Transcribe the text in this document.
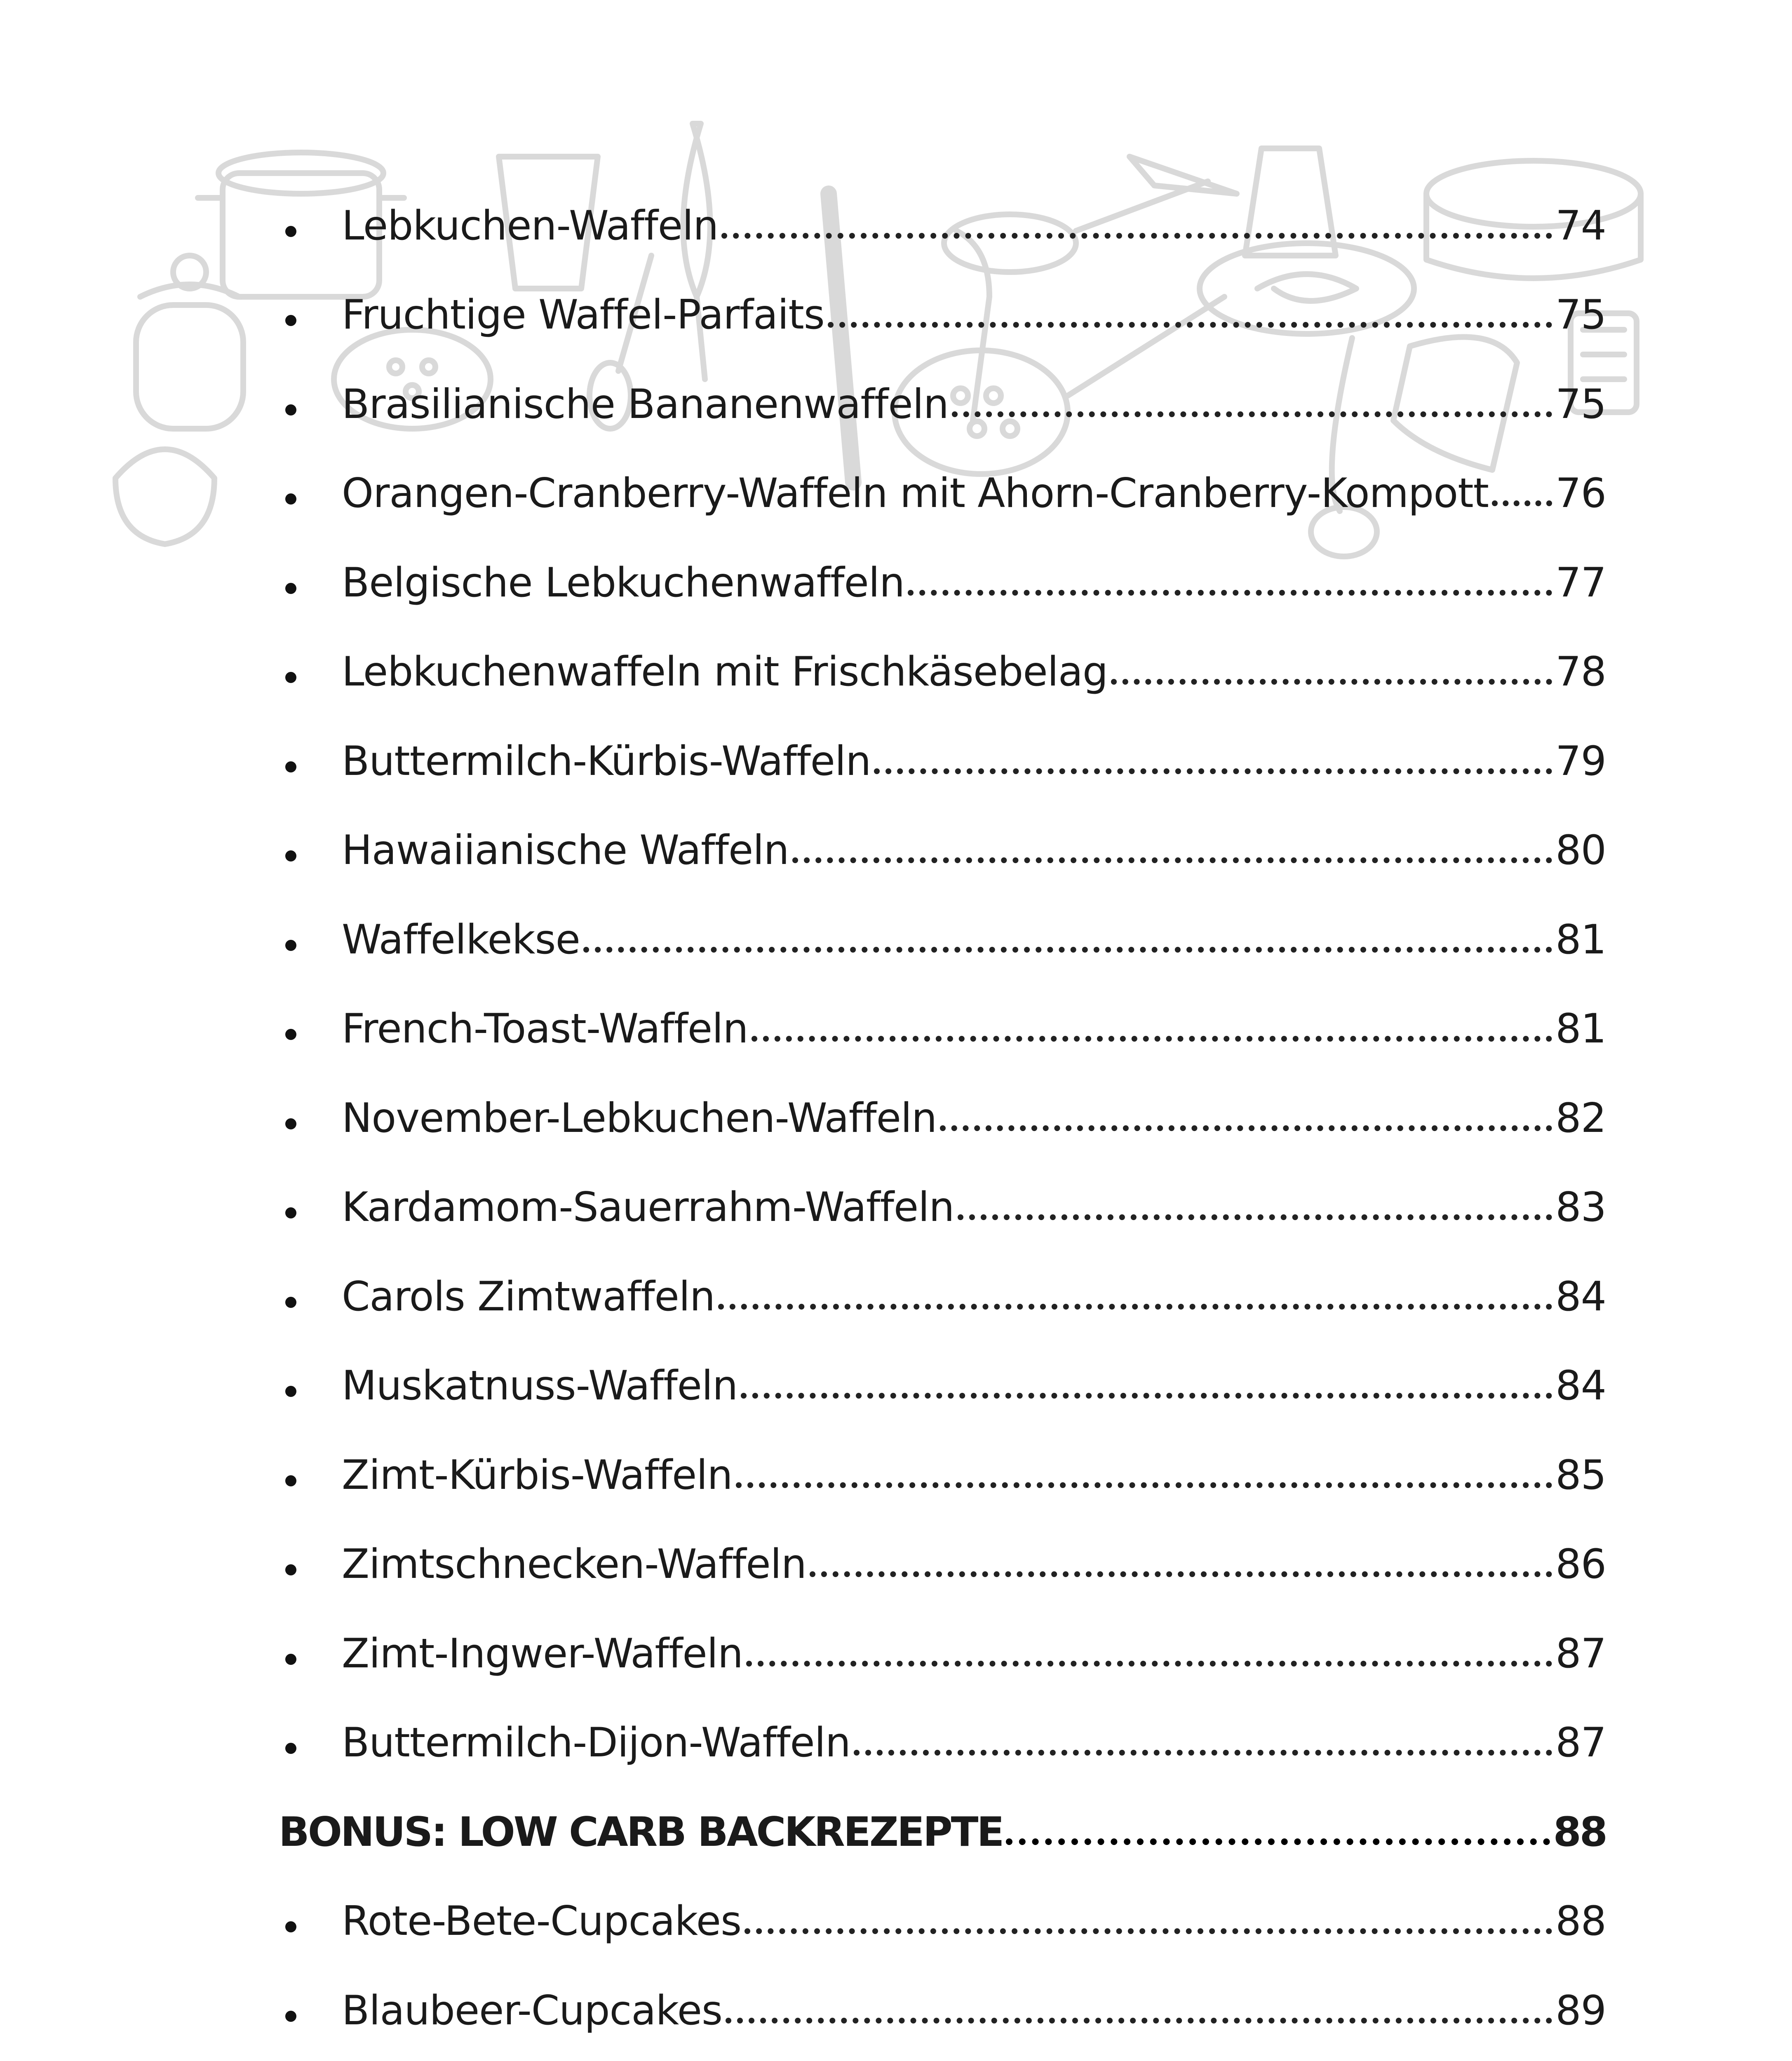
Lebkuchen-Waffeln	74
Fruchtige Waffel-Parfaits	75
Brasilianische Bananenwaffeln	75
Orangen-Cranberry-Waffeln mit Ahorn-Cranberry-Kompott 76
Belgische Lebkuchenwaffeln	77
Lebkuchenwaffeln mit Frischkäsebelag	78
Buttermilch-Kürbis-Waffeln	79
Hawaiianische Waffeln	80
Waffelkekse	81
French-Toast-Waffeln	81
November-Lebkuchen-Waffeln	82
Kardamom-Sauerrahm-Waffeln	83
Carols Zimtwaffeln	84
Muskatnuss-Waffeln	84
Zimt-Kürbis-Waffeln	85
Zimtschnecken-Waffeln	86
Zimt-Ingwer-Waffeln	87
Buttermilch-Dijon-Waffeln	87
BONUS: LOW CARB BACKREZEPTE	88
Rote-Bete-Cupcakes	88
Blaubeer-Cupcakes	89
